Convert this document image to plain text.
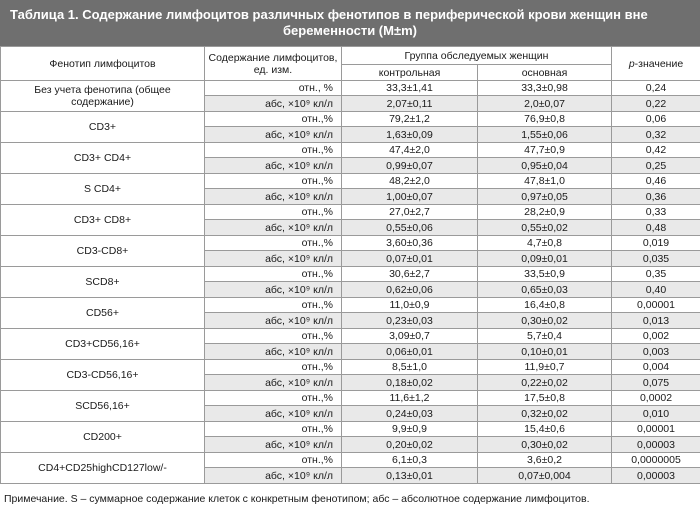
Таблица 1. Содержание лимфоцитов различных фенотипов в периферической крови женщин вне
беременности (M±m)
Фенотип лимфоцитов	Содержание лимфоцитов, ед. изм.	Группа обследуемых женщин		p-значение
		контрольная	основная	
Без учета фенотипа (общее содержание)	отн., %	33,3±1,41	33,3±0,98	0,24
	абс, ×10⁹ кл/л	2,07±0,11	2,0±0,07	0,22
CD3+	отн.,%	79,2±1,2	76,9±0,8	0,06
	абс, ×10⁹ кл/л	1,63±0,09	1,55±0,06	0,32
CD3+ CD4+	отн.,%	47,4±2,0	47,7±0,9	0,42
	абс, ×10⁹ кл/л	0,99±0,07	0,95±0,04	0,25
S CD4+	отн.,%	48,2±2,0	47,8±1,0	0,46
	абс, ×10⁹ кл/л	1,00±0,07	0,97±0,05	0,36
CD3+ CD8+	отн.,%	27,0±2,7	28,2±0,9	0,33
	абс, ×10⁹ кл/л	0,55±0,06	0,55±0,02	0,48
CD3-CD8+	отн.,%	3,60±0,36	4,7±0,8	0,019
	абс, ×10⁹ кл/л	0,07±0,01	0,09±0,01	0,035
SCD8+	отн.,%	30,6±2,7	33,5±0,9	0,35
	абс, ×10⁹ кл/л	0,62±0,06	0,65±0,03	0,40
CD56+	отн.,%	11,0±0,9	16,4±0,8	0,00001
	абс, ×10⁹ кл/л	0,23±0,03	0,30±0,02	0,013
CD3+CD56,16+	отн.,%	3,09±0,7	5,7±0,4	0,002
	абс, ×10⁹ кл/л	0,06±0,01	0,10±0,01	0,003
CD3-CD56,16+	отн.,%	8,5±1,0	11,9±0,7	0,004
	абс, ×10⁹ кл/л	0,18±0,02	0,22±0,02	0,075
SCD56,16+	отн.,%	11,6±1,2	17,5±0,8	0,0002
	абс, ×10⁹ кл/л	0,24±0,03	0,32±0,02	0,010
CD200+	отн.,%	9,9±0,9	15,4±0,6	0,00001
	абс, ×10⁹ кл/л	0,20±0,02	0,30±0,02	0,00003
CD4+CD25highCD127low/-	отн.,%	6,1±0,3	3,6±0,2	0,0000005
	абс, ×10⁹ кл/л	0,13±0,01	0,07±0,004	0,00003
Примечание. S – суммарное содержание клеток с конкретным фенотипом; абс – абсолютное содержание лимфоцитов.
